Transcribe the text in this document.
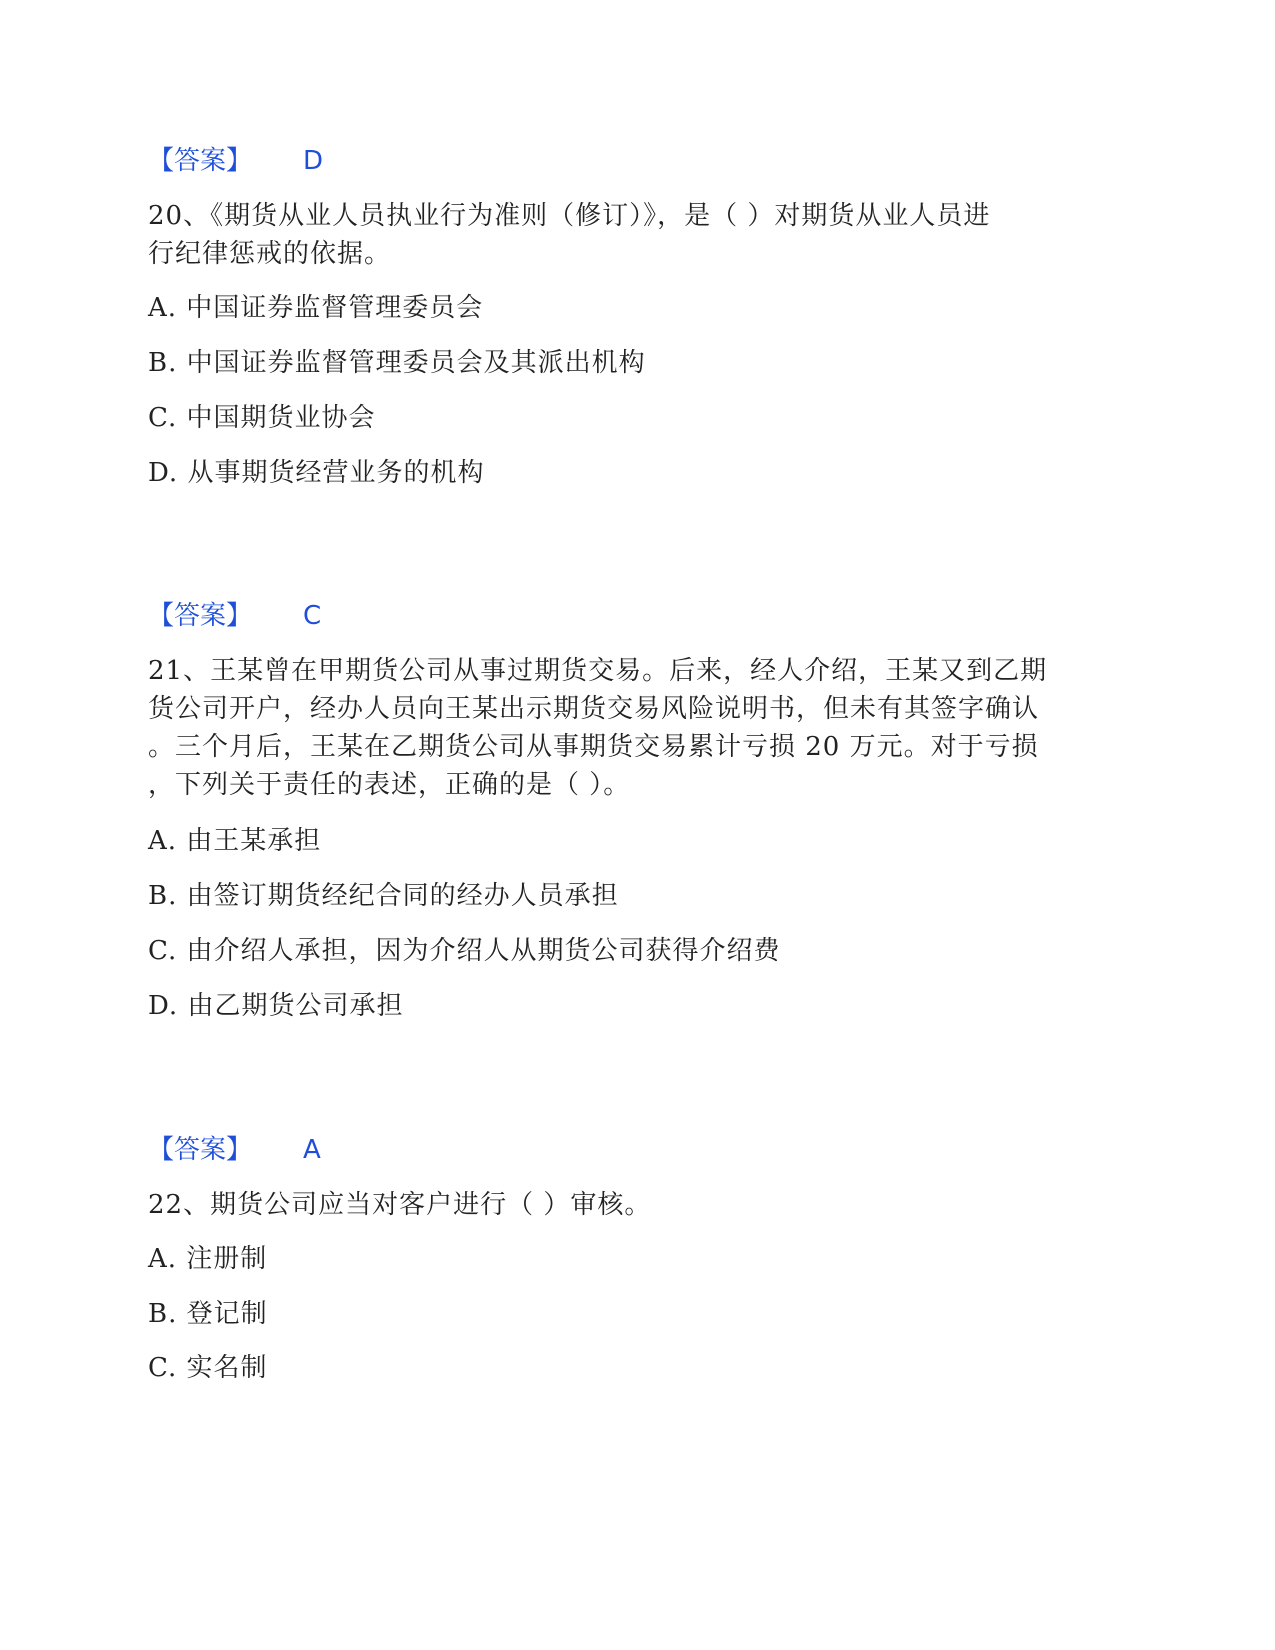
【答案】 D
20、《期货从业人员执业行为准则（修订）》，是（ ）对期货从业人员进
行纪律惩戒的依据。
A. 中国证券监督管理委员会
B. 中国证券监督管理委员会及其派出机构
C. 中国期货业协会
D. 从事期货经营业务的机构
【答案】 C
21、王某曾在甲期货公司从事过期货交易。后来，经人介绍，王某又到乙期
货公司开户，经办人员向王某出示期货交易风险说明书，但未有其签字确认
。三个月后，王某在乙期货公司从事期货交易累计亏损 20 万元。对于亏损
，下列关于责任的表述，正确的是（ ）。
A. 由王某承担
B. 由签订期货经纪合同的经办人员承担
C. 由介绍人承担，因为介绍人从期货公司获得介绍费
D. 由乙期货公司承担
【答案】 A
22、期货公司应当对客户进行（ ）审核。
A. 注册制
B. 登记制
C. 实名制
